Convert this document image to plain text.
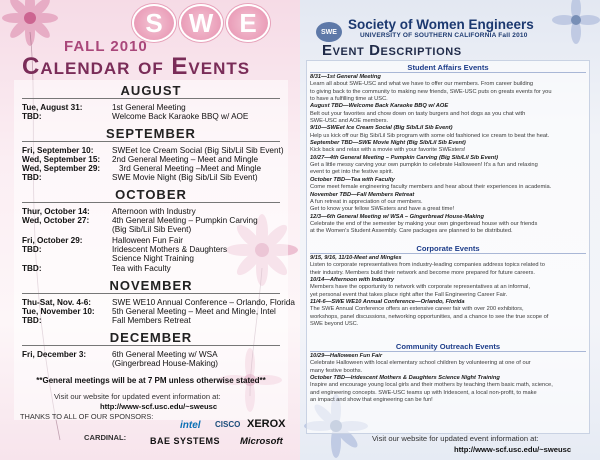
S	W	E
FALL 2010
Calendar of Events
AUGUST
Tue, August 31:	1st General Meeting
TBD:	Welcome Back Karaoke BBQ w/ AOE
SEPTEMBER
Fri, September 10: SWEet Ice Cream Social (Big Sib/Lil Sib Event)
Wed, September 15: 2nd General Meeting – Meet and Mingle
Wed, September 29: 3rd General Meeting –Meet and Mingle
TBD:	SWE Movie Night (Big Sib/Lil Sib Event)
OCTOBER
Thur, October 14:	Afternoon with Industry
Wed, October 27:	4th General Meeting – Pumpkin Carving
(Big Sib/Lil Sib Event)
Fri, October 29:	Halloween Fun Fair
TBD:	Iridescent Mothers & Daughters
Science Night Training
TBD:	Tea with Faculty
NOVEMBER
Thu-Sat, Nov. 4-6:	SWE WE10 Annual Conference – Orlando, Florida
Tue, November 10: 5th General Meeting – Meet and Mingle, Intel
TBD:	Fall Members Retreat
DECEMBER
Fri, December 3:	6th General Meeting w/ WSA
(Gingerbread House-Making)
**General meetings will be at 7 PM unless otherwise stated**
Visit our website for updated event information at:
http://www-scf.usc.edu/~sweusc
THANKS TO ALL OF OUR SPONSORS:
CARDINAL:
intel CISCO XEROX
BAE SYSTEMS Microsoft
SWE Society of Women Engineers
UNIVERSITY OF SOUTHERN CALIFORNIA Fall 2010
Event Descriptions
Student Affairs Events

8/31—1st General Meeting

Learn all about SWE-USC and what we have to offer our members. From career building

to giving back to the community to making new friends, SWE-USC puts on greats events for you

to have a fulfilling time at USC.

August TBD—Welcome Back Karaoke BBQ w/ AOE

Belt out your favorites and chow down on tasty burgers and hot dogs as you chat with

SWE-USC and AOE members.

9/10—SWEet Ice Cream Social (Big Sib/Lil Sib Event)

Help us kick off our Big Sib/Lil Sib program with some old fashioned ice cream to beat the heat.

September TBD—SWE Movie Night (Big Sib/Lil Sib Event)

Kick back and relax with a movie with your favorite SWEsters!

10/27—4th General Meeting – Pumpkin Carving (Big Sib/Lil Sib Event)

Get a little messy carving your own pumpkin to celebrate Halloween! It's a fun and relaxing

event to get into the festive spirit.

October TBD—Tea with Faculty

Come meet female engineering faculty members and hear about their experiences in academia.

November TBD—Fall Members Retreat

A fun retreat in appreciation of our members.

Get to know your fellow SWEsters and have a great time!

12/3—6th General Meeting w/ WSA – Gingerbread House-Making

Celebrate the end of the semester by making your own gingerbread house with our friends

at the Women's Student Assembly. Care packages are planned to be distributed.

Corporate Events

9/15, 9/16, 11/10-Meet and Mingles

Listen to corporate representatives from industry-leading companies address topics related to

their industry. Members build their network and become more prepared for future careers.

10/14—Afternoon with Industry

Members have the opportunity to network with corporate representatives at an informal,

yet personal event that takes place right after the Fall Engineering Career Fair.

11/4-6—SWE WE10 Annual Conference—Orlando, Florida

The SWE Annual Conference offers an extensive career fair with over 200 exhibitors,

workshops, panel discussions, networking opportunities, and a chance to see the true scope of

SWE beyond USC.

Community Outreach Events

10/29—Halloween Fun Fair

Celebrate Halloween with local elementary school children by volunteering at one of our

many festive booths.

October TBD—Iridescent Mothers & Daughters Science Night Training

Inspire and encourage young local girls and their mothers by teaching them basic math, science,

and engineering concepts. SWE-USC teams up with Iridescent, a local non-profit, to make

an impact and show that engineering can be fun!

Visit our website for updated event information at:
http://www-scf.usc.edu/~sweusc
